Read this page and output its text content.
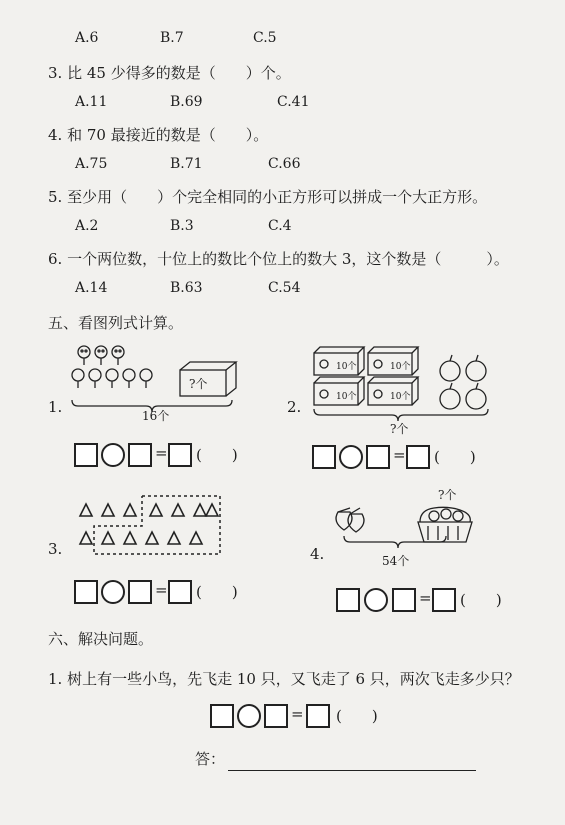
A.6	B.7	C.5
3. 比 45 少得多的数是（　　）个。
A.11	B.69	C.41
4. 和 70 最接近的数是（　　）。
A.75	B.71	C.66
5. 至少用（　　）个完全相同的小正方形可以拼成一个大正方形。
A.2	B.3	C.4
6. 一个两位数，十位上的数比个位上的数大 3，这个数是（　　　）。
A.14	B.63	C.54
五、看图列式计算。
1.
?个
16个
= (　　)
2.
10个	10个
10个	10个
?个
= (　　)
3.
= (　　)
4.
?个
54个
= (　　)
六、解决问题。
1. 树上有一些小鸟，先飞走 10 只，又飞走了 6 只，两次飞走多少只？
= (　　)
答：
